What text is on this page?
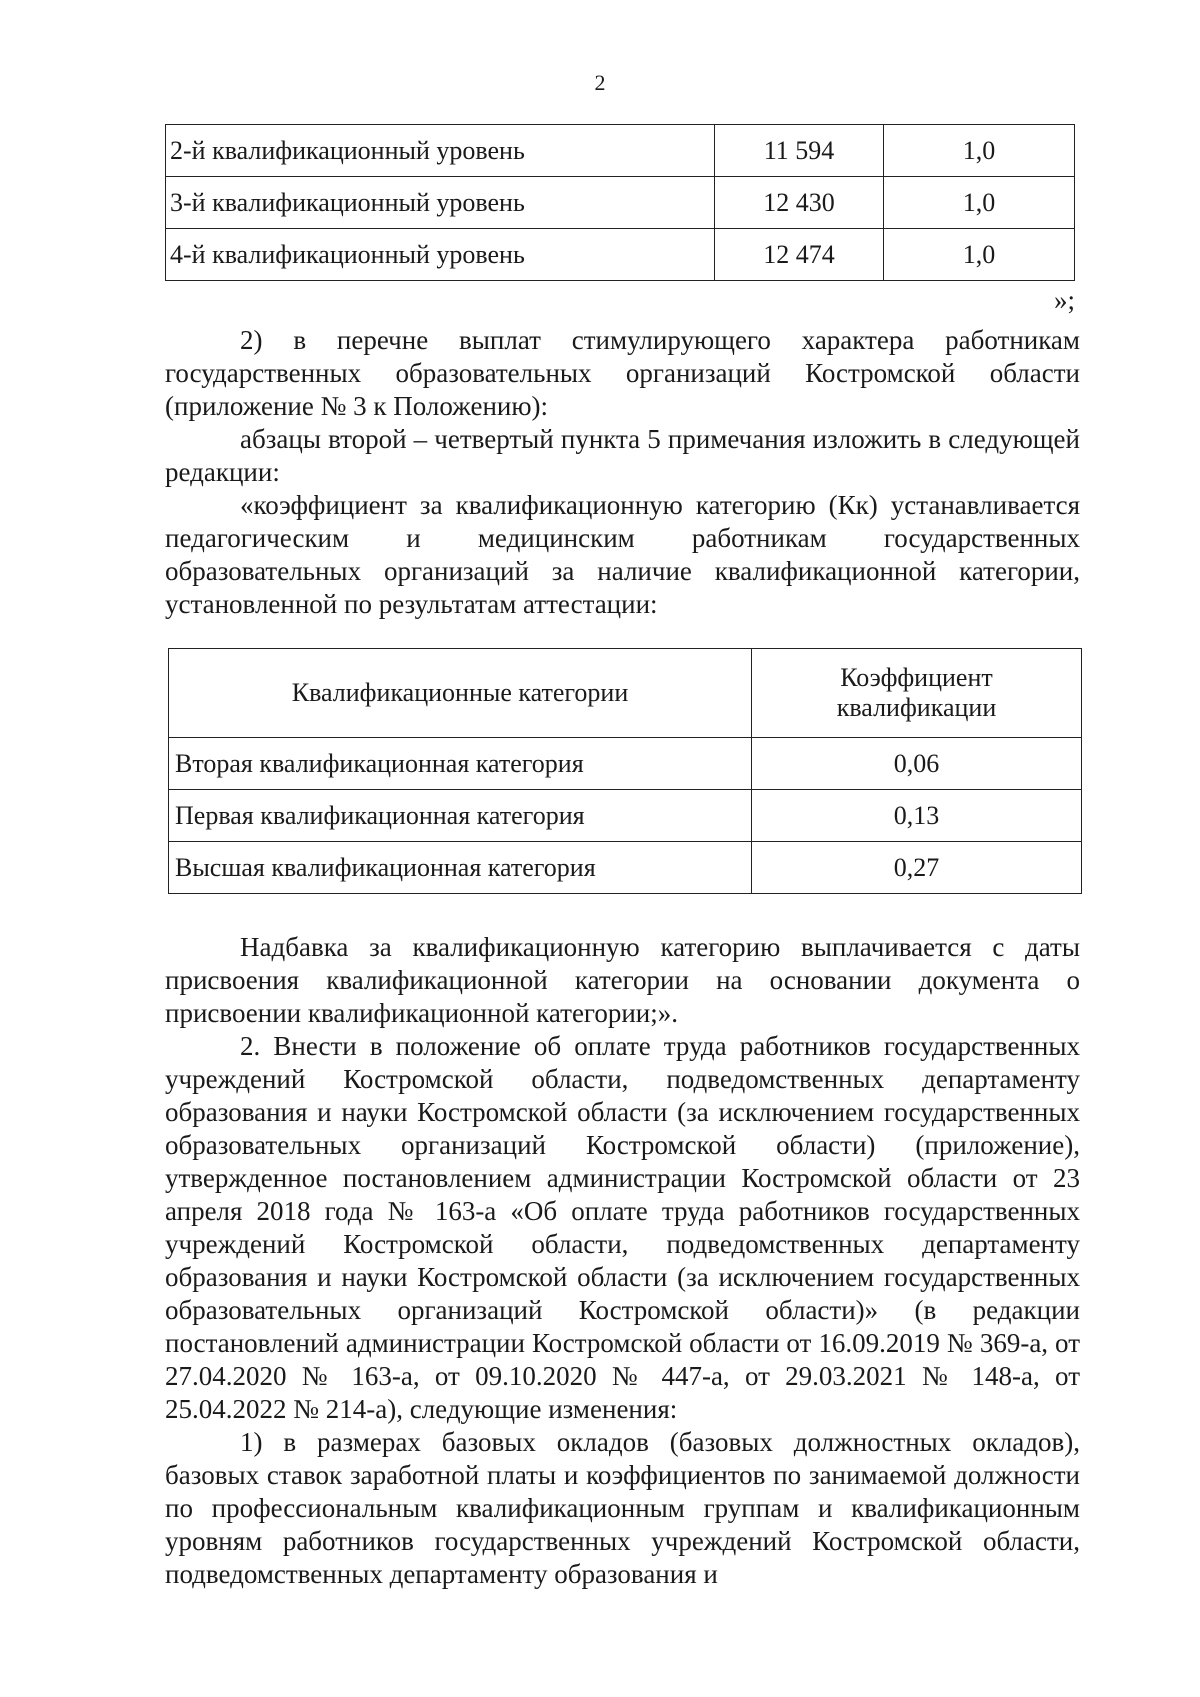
2
2-й квалификационный уровень	11 594	1,0
3-й квалификационный уровень	12 430	1,0
4-й квалификационный уровень	12 474	1,0
»;

2) в перечне выплат стимулирующего характера работникам государственных образовательных организаций Костромской области (приложение № 3 к Положению):

абзацы второй – четвертый пункта 5 примечания изложить в следующей редакции:

«коэффициент за квалификационную категорию (Кк) устанавливается педагогическим и медицинским работникам государственных образовательных организаций за наличие квалификационной категории, установленной по результатам аттестации:

Квалификационные категории	Коэффициент
квалификации
Вторая квалификационная категория	0,06
Первая квалификационная категория	0,13
Высшая квалификационная категория	0,27

Надбавка за квалификационную категорию выплачивается с даты присвоения квалификационной категории на основании документа о присвоении квалификационной категории;».

2. Внести в положение об оплате труда работников государственных учреждений Костромской области, подведомственных департаменту образования и науки Костромской области (за исключением государственных образовательных организаций Костромской области) (приложение), утвержденное постановлением администрации Костромской области от 23 апреля 2018 года № 163-а «Об оплате труда работников государственных учреждений Костромской области, подведомственных департаменту образования и науки Костромской области (за исключением государственных образовательных организаций Костромской области)» (в редакции постановлений администрации Костромской области от 16.09.2019 № 369-а, от 27.04.2020 № 163-а, от 09.10.2020 № 447-а, от 29.03.2021 № 148-а, от 25.04.2022 № 214-а), следующие изменения:

1) в размерах базовых окладов (базовых должностных окладов), базовых ставок заработной платы и коэффициентов по занимаемой должности по профессиональным квалификационным группам и квалификационным уровням работников государственных учреждений Костромской области, подведомственных департаменту образования и
